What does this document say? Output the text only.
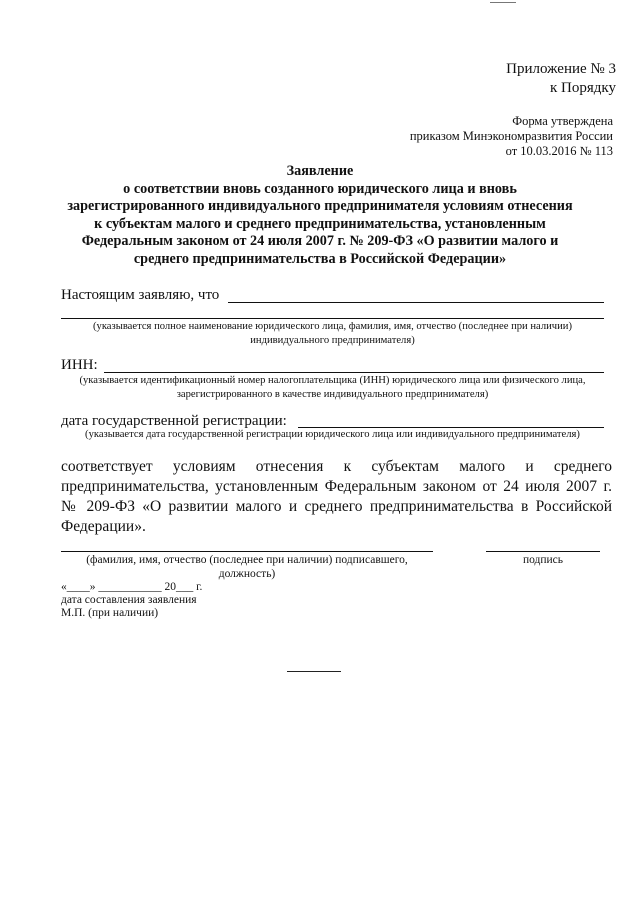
Приложение № 3
к Порядку
Форма утверждена
приказом Минэкономразвития России
от 10.03.2016 № 113
Заявление
о соответствии вновь созданного юридического лица и вновь
зарегистрированного индивидуального предпринимателя условиям отнесения
к субъектам малого и среднего предпринимательства, установленным
Федеральным законом от 24 июля 2007 г. № 209-ФЗ «О развитии малого и
среднего предпринимательства в Российской Федерации»
Настоящим заявляю, что
(указывается полное наименование юридического лица, фамилия, имя, отчество (последнее при наличии)
индивидуального предпринимателя)
ИНН:
(указывается идентификационный номер налогоплательщика (ИНН) юридического лица или физического лица,
зарегистрированного в качестве индивидуального предпринимателя)
дата государственной регистрации:
(указывается дата государственной регистрации юридического лица или индивидуального предпринимателя)
соответствует условиям отнесения к субъектам малого и среднего
предпринимательства, установленным Федеральным законом от 24 июля 2007 г.
№ 209-ФЗ «О развитии малого и среднего предпринимательства в Российской
Федерации».
(фамилия, имя, отчество (последнее при наличии) подписавшего, должность)
подпись
«____» ___________ 20___ г.
дата составления заявления
М.П. (при наличии)
